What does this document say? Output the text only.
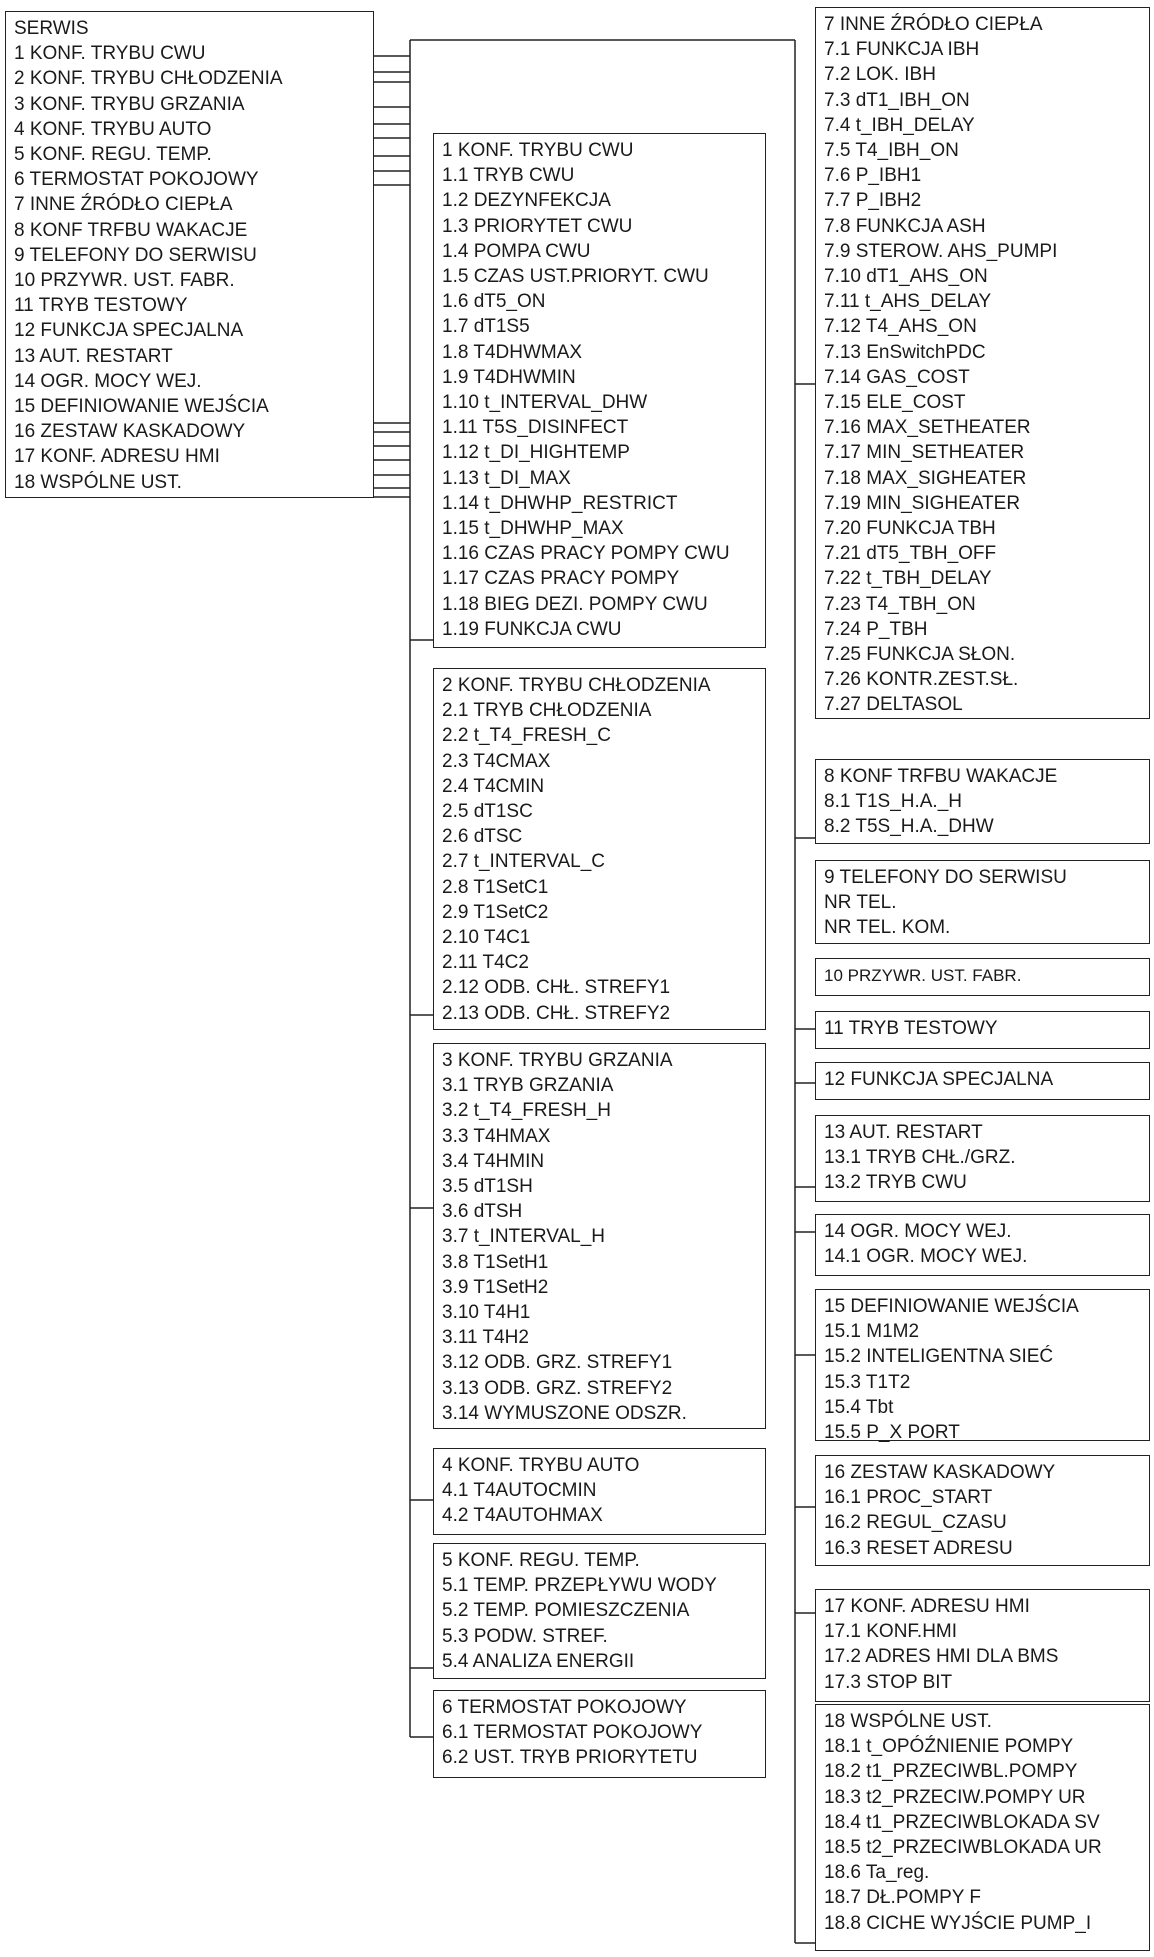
SERWIS
1 KONF. TRYBU CWU
2 KONF. TRYBU CHŁODZENIA
3 KONF. TRYBU GRZANIA
4 KONF. TRYBU AUTO
5 KONF. REGU. TEMP.
6 TERMOSTAT POKOJOWY
7 INNE ŹRÓDŁO CIEPŁA
8 KONF TRFBU WAKACJE
9 TELEFONY DO SERWISU
10 PRZYWR. UST. FABR.
11 TRYB TESTOWY
12 FUNKCJA SPECJALNA
13 AUT. RESTART
14 OGR. MOCY WEJ.
15 DEFINIOWANIE WEJŚCIA
16 ZESTAW KASKADOWY
17 KONF. ADRESU HMI
18 WSPÓLNE UST.
1 KONF. TRYBU CWU
1.1 TRYB CWU
1.2 DEZYNFEKCJA
1.3 PRIORYTET CWU
1.4 POMPA CWU
1.5 CZAS UST.PRIORYT. CWU
1.6 dT5_ON
1.7 dT1S5
1.8 T4DHWMAX
1.9 T4DHWMIN
1.10 t_INTERVAL_DHW
1.11 T5S_DISINFECT
1.12 t_DI_HIGHTEMP
1.13 t_DI_MAX
1.14 t_DHWHP_RESTRICT
1.15 t_DHWHP_MAX
1.16 CZAS PRACY POMPY CWU
1.17 CZAS PRACY POMPY
1.18 BIEG DEZI. POMPY CWU
1.19 FUNKCJA CWU
2 KONF. TRYBU CHŁODZENIA
2.1 TRYB CHŁODZENIA
2.2 t_T4_FRESH_C
2.3 T4CMAX
2.4 T4CMIN
2.5 dT1SC
2.6 dTSC
2.7 t_INTERVAL_C
2.8 T1SetC1
2.9 T1SetC2
2.10 T4C1
2.11 T4C2
2.12 ODB. CHŁ. STREFY1
2.13 ODB. CHŁ. STREFY2
3 KONF. TRYBU GRZANIA
3.1 TRYB GRZANIA
3.2 t_T4_FRESH_H
3.3 T4HMAX
3.4 T4HMIN
3.5 dT1SH
3.6 dTSH
3.7 t_INTERVAL_H
3.8 T1SetH1
3.9 T1SetH2
3.10 T4H1
3.11 T4H2
3.12 ODB. GRZ. STREFY1
3.13 ODB. GRZ. STREFY2
3.14 WYMUSZONE ODSZR.
4 KONF. TRYBU AUTO
4.1 T4AUTOCMIN
4.2 T4AUTOHMAX
5 KONF. REGU. TEMP.
5.1 TEMP. PRZEPŁYWU WODY
5.2 TEMP. POMIESZCZENIA
5.3 PODW. STREF.
5.4 ANALIZA ENERGII
6 TERMOSTAT POKOJOWY
6.1 TERMOSTAT POKOJOWY
6.2 UST. TRYB PRIORYTETU
7 INNE ŹRÓDŁO CIEPŁA
7.1 FUNKCJA IBH
7.2 LOK. IBH
7.3 dT1_IBH_ON
7.4 t_IBH_DELAY
7.5 T4_IBH_ON
7.6 P_IBH1
7.7 P_IBH2
7.8 FUNKCJA ASH
7.9 STEROW. AHS_PUMPI
7.10 dT1_AHS_ON
7.11 t_AHS_DELAY
7.12 T4_AHS_ON
7.13 EnSwitchPDC
7.14 GAS_COST
7.15 ELE_COST
7.16 MAX_SETHEATER
7.17 MIN_SETHEATER
7.18 MAX_SIGHEATER
7.19 MIN_SIGHEATER
7.20 FUNKCJA TBH
7.21 dT5_TBH_OFF
7.22 t_TBH_DELAY
7.23 T4_TBH_ON
7.24 P_TBH
7.25 FUNKCJA SŁON.
7.26 KONTR.ZEST.SŁ.
7.27 DELTASOL
8 KONF TRFBU WAKACJE
8.1 T1S_H.A._H
8.2 T5S_H.A._DHW
9 TELEFONY DO SERWISU
NR TEL.
NR TEL. KOM.
10 PRZYWR. UST. FABR.
11 TRYB TESTOWY
12 FUNKCJA SPECJALNA
13 AUT. RESTART
13.1 TRYB CHŁ./GRZ.
13.2 TRYB CWU
14 OGR. MOCY WEJ.
14.1 OGR. MOCY WEJ.
15 DEFINIOWANIE WEJŚCIA
15.1 M1M2
15.2 INTELIGENTNA SIEĆ
15.3 T1T2
15.4 Tbt
15.5 P_X PORT
16 ZESTAW KASKADOWY
16.1 PROC_START
16.2 REGUL_CZASU
16.3 RESET ADRESU
17 KONF. ADRESU HMI
17.1 KONF.HMI
17.2 ADRES HMI DLA BMS
17.3 STOP BIT
18 WSPÓLNE UST.
18.1 t_OPÓŹNIENIE POMPY
18.2 t1_PRZECIWBL.POMPY
18.3 t2_PRZECIW.POMPY UR
18.4 t1_PRZECIWBLOKADA SV
18.5 t2_PRZECIWBLOKADA UR
18.6 Ta_reg.
18.7 DŁ.POMPY F
18.8 CICHE WYJŚCIE PUMP_I
